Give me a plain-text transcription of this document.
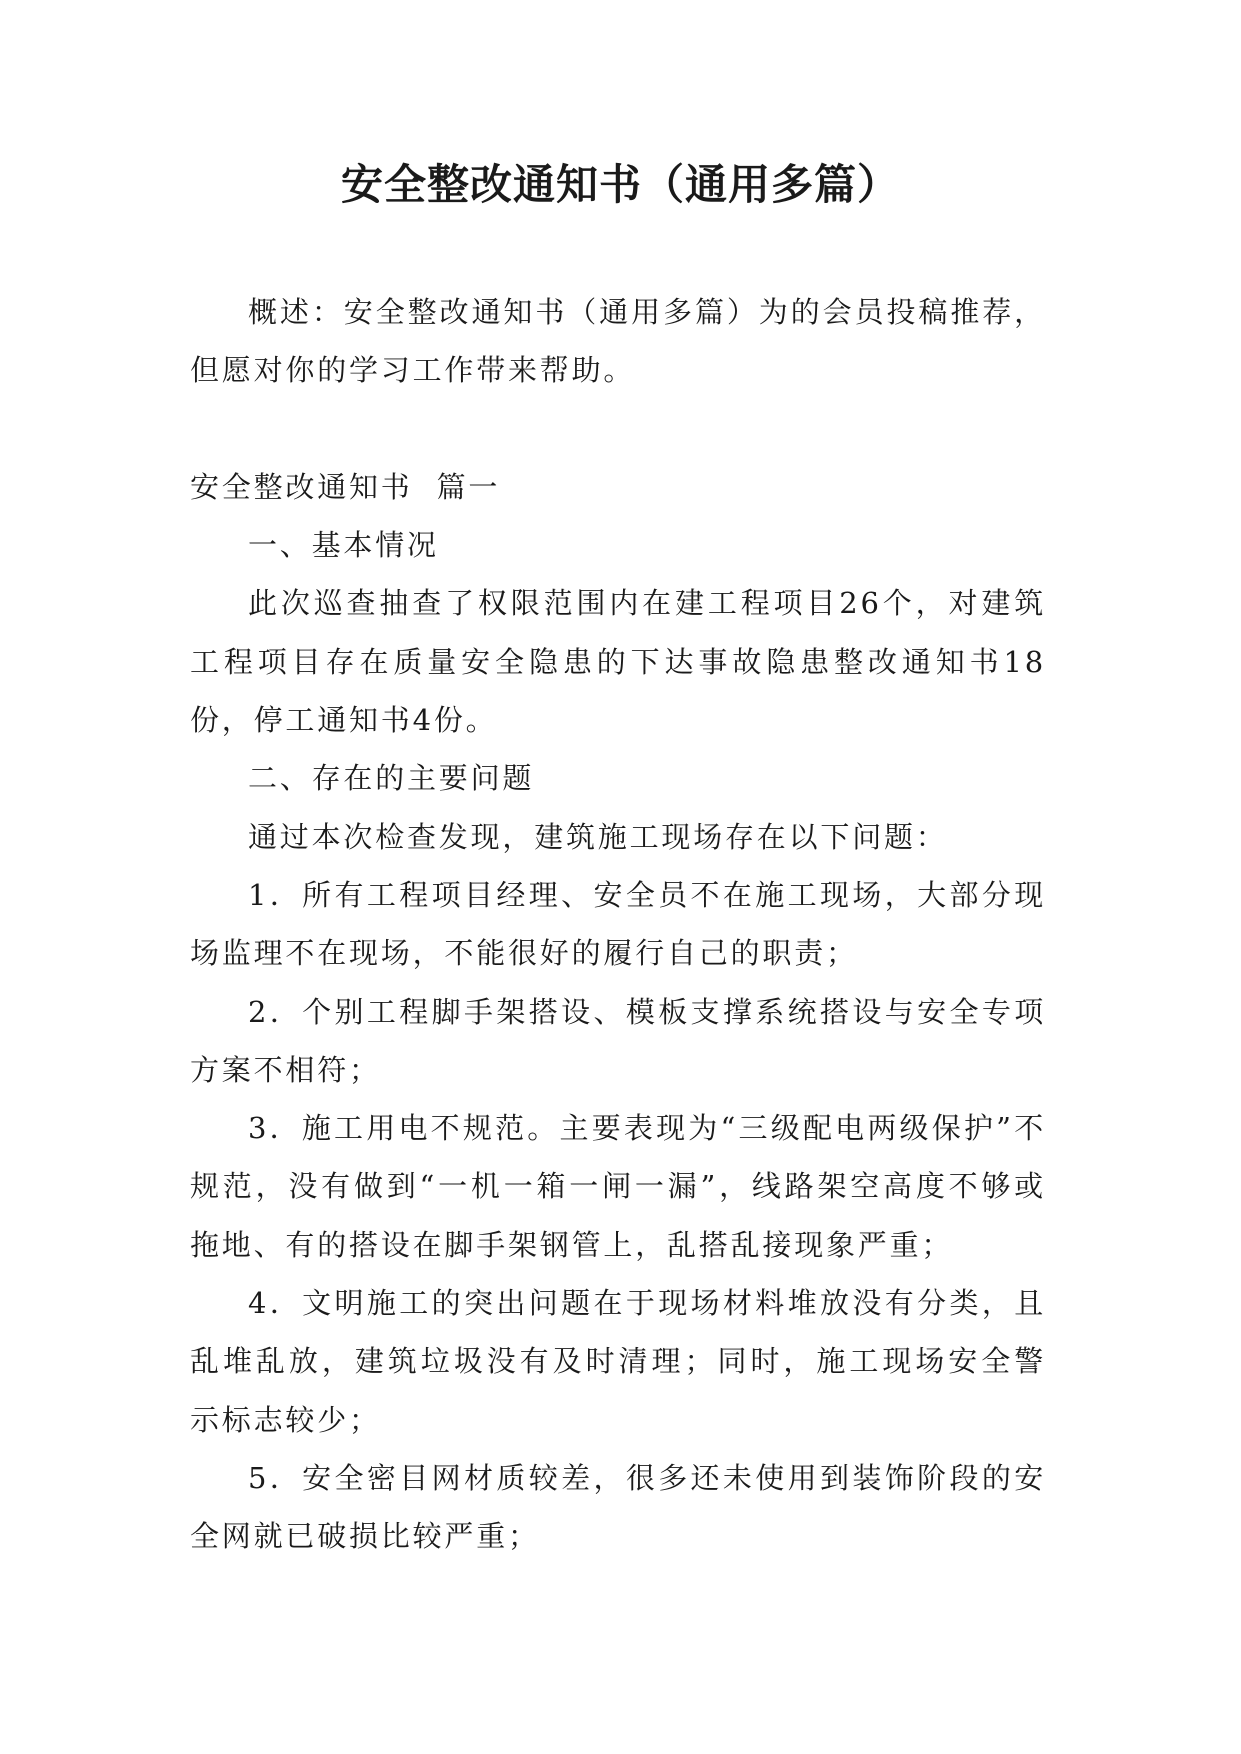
安全整改通知书（通用多篇）

概述：安全整改通知书（通用多篇）为的会员投稿推荐，但愿对你的学习工作带来帮助。

安全整改通知书  篇一

一、基本情况

此次巡查抽查了权限范围内在建工程项目26个，对建筑工程项目存在质量安全隐患的下达事故隐患整改通知书18份，停工通知书4份。

二、存在的主要问题

通过本次检查发现，建筑施工现场存在以下问题：

1．所有工程项目经理、安全员不在施工现场，大部分现场监理不在现场，不能很好的履行自己的职责；

2．个别工程脚手架搭设、模板支撑系统搭设与安全专项方案不相符；

3．施工用电不规范。主要表现为“三级配电两级保护”不规范，没有做到“一机一箱一闸一漏”，线路架空高度不够或拖地、有的搭设在脚手架钢管上，乱搭乱接现象严重；

4．文明施工的突出问题在于现场材料堆放没有分类，且乱堆乱放，建筑垃圾没有及时清理；同时，施工现场安全警示标志较少；

5．安全密目网材质较差，很多还未使用到装饰阶段的安全网就已破损比较严重；
